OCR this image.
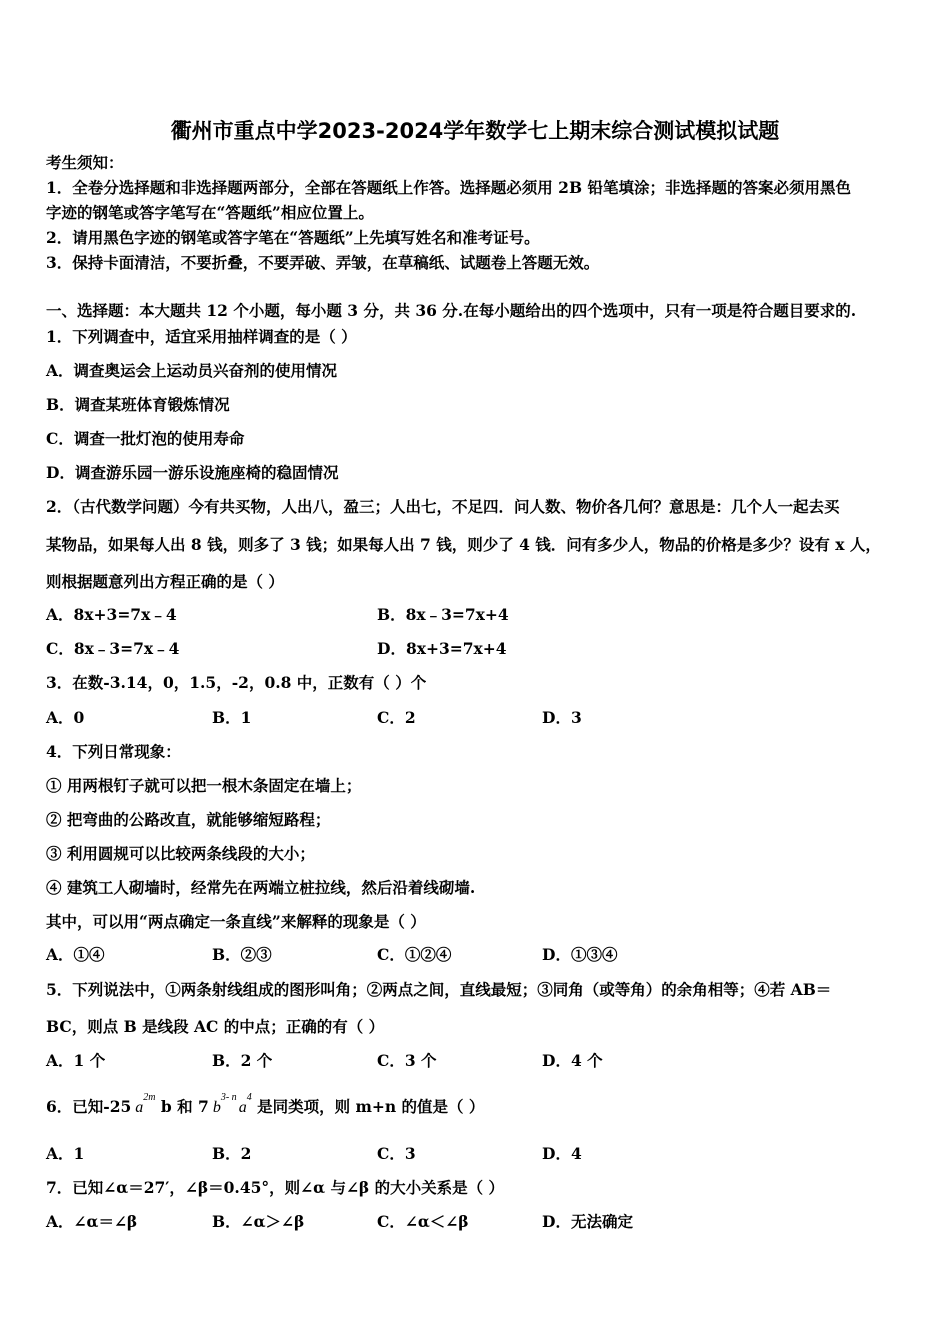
衢州市重点中学2023-2024学年数学七上期末综合测试模拟试题
考生须知：
1．全卷分选择题和非选择题两部分，全部在答题纸上作答。选择题必须用 2B 铅笔填涂；非选择题的答案必须用黑色
字迹的钢笔或答字笔写在“答题纸”相应位置上。
2．请用黑色字迹的钢笔或答字笔在“答题纸”上先填写姓名和准考证号。
3．保持卡面清洁，不要折叠，不要弄破、弄皱，在草稿纸、试题卷上答题无效。
一、选择题：本大题共 12 个小题，每小题 3 分，共 36 分.在每小题给出的四个选项中，只有一项是符合题目要求的.
1．下列调查中，适宜采用抽样调查的是（ ）
A．调查奥运会上运动员兴奋剂的使用情况
B．调查某班体育锻炼情况
C．调查一批灯泡的使用寿命
D．调查游乐园一游乐设施座椅的稳固情况
2．（古代数学问题）今有共买物，人出八，盈三；人出七，不足四．问人数、物价各几何？意思是：几个人一起去买
某物品，如果每人出 8 钱，则多了 3 钱；如果每人出 7 钱，则少了 4 钱．问有多少人，物品的价格是多少？设有 x 人，
则根据题意列出方程正确的是（ ）
A．8x+3=7x﹣4	B．8x﹣3=7x+4
C．8x﹣3=7x﹣4	D．8x+3=7x+4
3．在数-3.14，0，1.5，-2，0.8 中，正数有（ ）个
A．0	B．1	C．2	D．3
4．下列日常现象：
① 用两根钉子就可以把一根木条固定在墙上；
② 把弯曲的公路改直，就能够缩短路程；
③ 利用圆规可以比较两条线段的大小；
④ 建筑工人砌墙时，经常先在两端立桩拉线，然后沿着线砌墙.
其中，可以用“两点确定一条直线”来解释的现象是（ ）
A．①④	B．②③	C．①②④	D．①③④
5．下列说法中，①两条射线组成的图形叫角；②两点之间，直线最短；③同角（或等角）的余角相等；④若 AB＝
BC，则点 B 是线段 AC 的中点；正确的有（ ）
A．1 个	B．2 个	C．3 个	D．4 个
6．已知-25 $a^{2m}$ b 和 7 $b^{3- n}a^4$ 是同类项，则 m+n 的值是（ ）
A．1	B．2	C．3	D．4
7．已知∠α＝27′，∠β＝0.45°，则∠α 与∠β 的大小关系是（ ）
A．∠α＝∠β	B．∠α＞∠β	C．∠α＜∠β	D．无法确定
